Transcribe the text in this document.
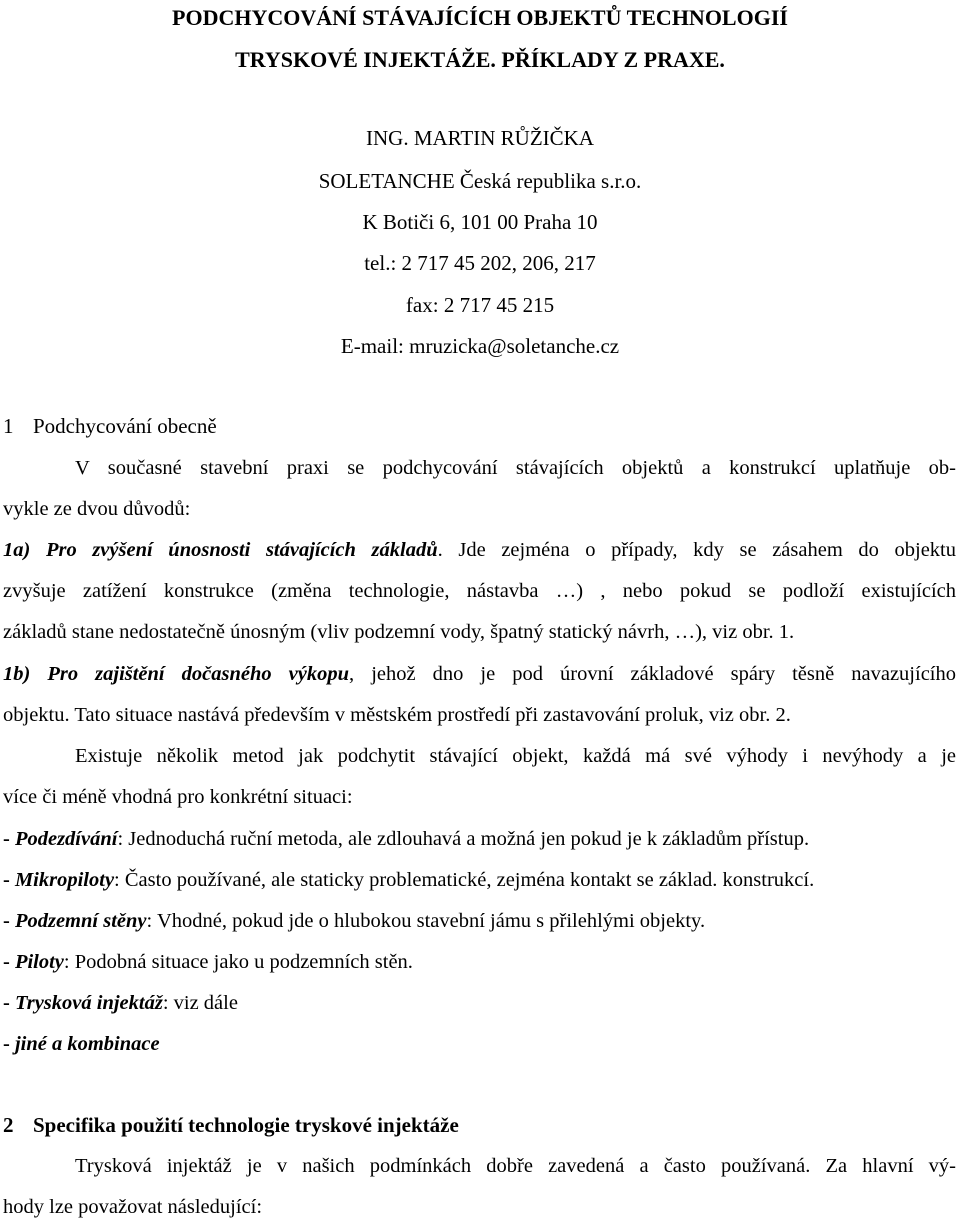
PODCHYCOVÁNÍ STÁVAJÍCÍCH OBJEKTŮ TECHNOLOGIÍ
TRYSKOVÉ INJEKTÁŽE. PŘÍKLADY Z PRAXE.
ING. MARTIN RŮŽIČKA
SOLETANCHE Česká republika s.r.o.
K Botiči 6, 101 00 Praha 10
tel.: 2 717 45 202, 206, 217
fax: 2 717 45 215
E-mail: mruzicka@soletanche.cz
1 Podchycování obecně
V současné stavební praxi se podchycování stávajících objektů a konstrukcí uplatňuje ob-
vykle ze dvou důvodů:
1a) Pro zvýšení únosnosti stávajících základů. Jde zejména o případy, kdy se zásahem do objektu
zvyšuje zatížení konstrukce (změna technologie, nástavba …) , nebo pokud se podloží existujících
základů stane nedostatečně únosným (vliv podzemní vody, špatný statický návrh, …), viz obr. 1.
1b) Pro zajištění dočasného výkopu, jehož dno je pod úrovní základové spáry těsně navazujícího
objektu. Tato situace nastává především v městském prostředí při zastavování proluk, viz obr. 2.
Existuje několik metod jak podchytit stávající objekt, každá má své výhody i nevýhody a je
více či méně vhodná pro konkrétní situaci:
- Podezdívání: Jednoduchá ruční metoda, ale zdlouhavá a možná jen pokud je k základům přístup.
- Mikropiloty: Často používané, ale staticky problematické, zejména kontakt se základ. konstrukcí.
- Podzemní stěny: Vhodné, pokud jde o hlubokou stavební jámu s přilehlými objekty.
- Piloty: Podobná situace jako u podzemních stěn.
- Trysková injektáž: viz dále
- jiné a kombinace
2 Specifika použití technologie tryskové injektáže
Trysková injektáž je v našich podmínkách dobře zavedená a často používaná. Za hlavní vý-
hody lze považovat následující:
